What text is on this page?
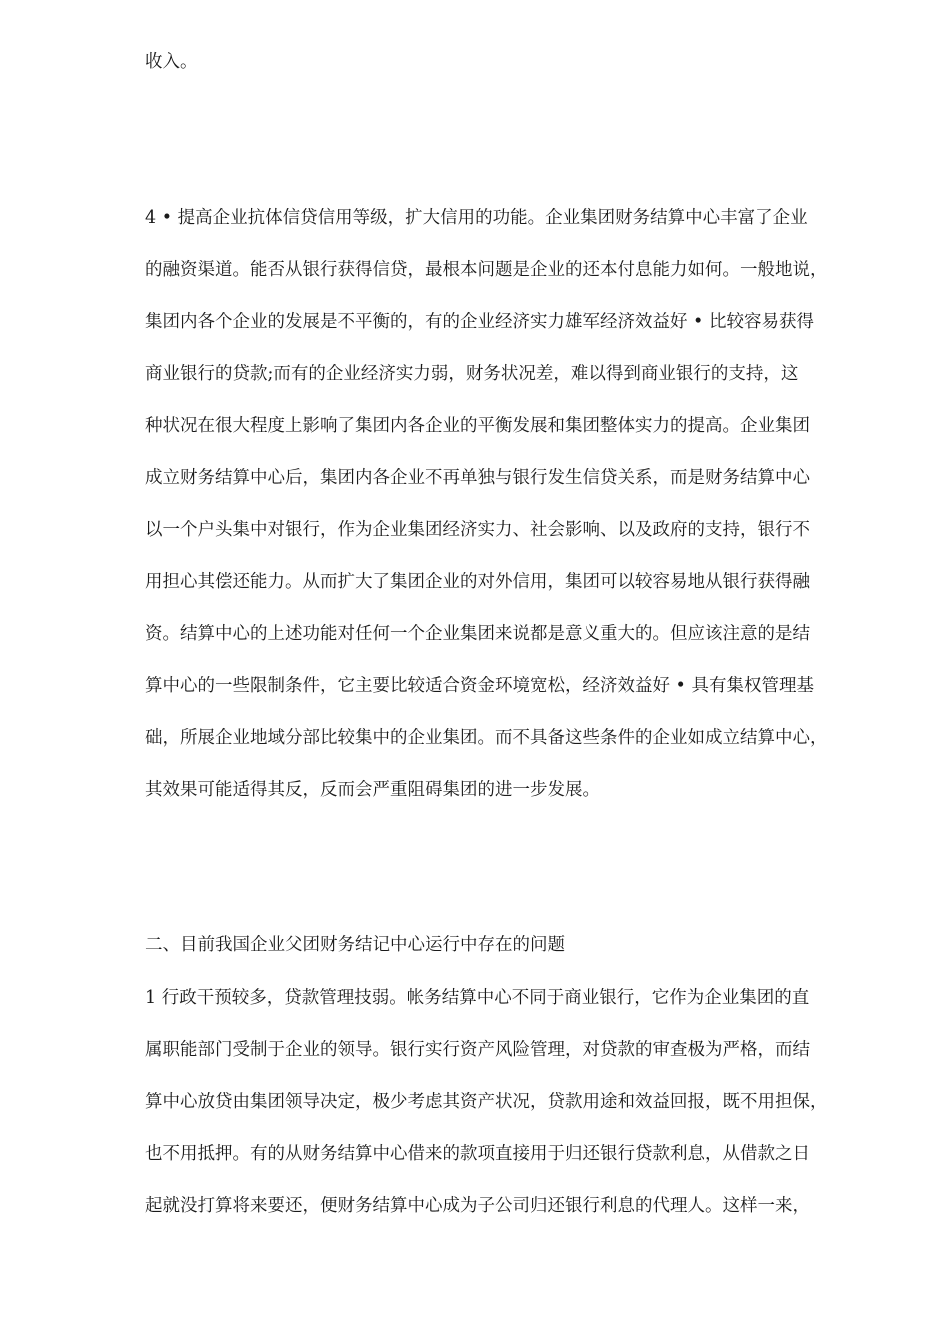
收入。
4 • 提高企业抗体信贷信用等级，扩大信用的功能。企业集团财务结算中心丰富了企业
的融资渠道。能否从银行获得信贷，最根本问题是企业的还本付息能力如何。一般地说，
集团内各个企业的发展是不平衡的，有的企业经济实力雄军经济效益好 • 比较容易获得
商业银行的贷款;而有的企业经济实力弱，财务状况差，难以得到商业银行的支持，这
种状况在很大程度上影响了集团内各企业的平衡发展和集团整体实力的提高。企业集团
成立财务结算中心后，集团内各企业不再单独与银行发生信贷关系，而是财务结算中心
以一个户头集中对银行，作为企业集团经济实力、社会影响、以及政府的支持，银行不
用担心其偿还能力。从而扩大了集团企业的对外信用，集团可以较容易地从银行获得融
资。结算中心的上述功能对任何一个企业集团来说都是意义重大的。但应该注意的是结
算中心的一些限制条件，它主要比较适合资金环境宽松，经济效益好 • 具有集权管理基
础，所展企业地域分部比较集中的企业集团。而不具备这些条件的企业如成立结算中心，
其效果可能适得其反，反而会严重阻碍集团的进一步发展。
二、目前我国企业父团财务结记中心运行中存在的问题
1 行政干预较多，贷款管理技弱。帐务结算中心不同于商业银行，它作为企业集团的直
属职能部门受制于企业的领导。银行实行资产风险管理，对贷款的审查极为严格，而结
算中心放贷由集团领导决定，极少考虑其资产状况，贷款用途和效益回报，既不用担保，
也不用抵押。有的从财务结算中心借来的款项直接用于归还银行贷款利息，从借款之日
起就没打算将来要还，便财务结算中心成为子公司归还银行利息的代理人。这样一来，
